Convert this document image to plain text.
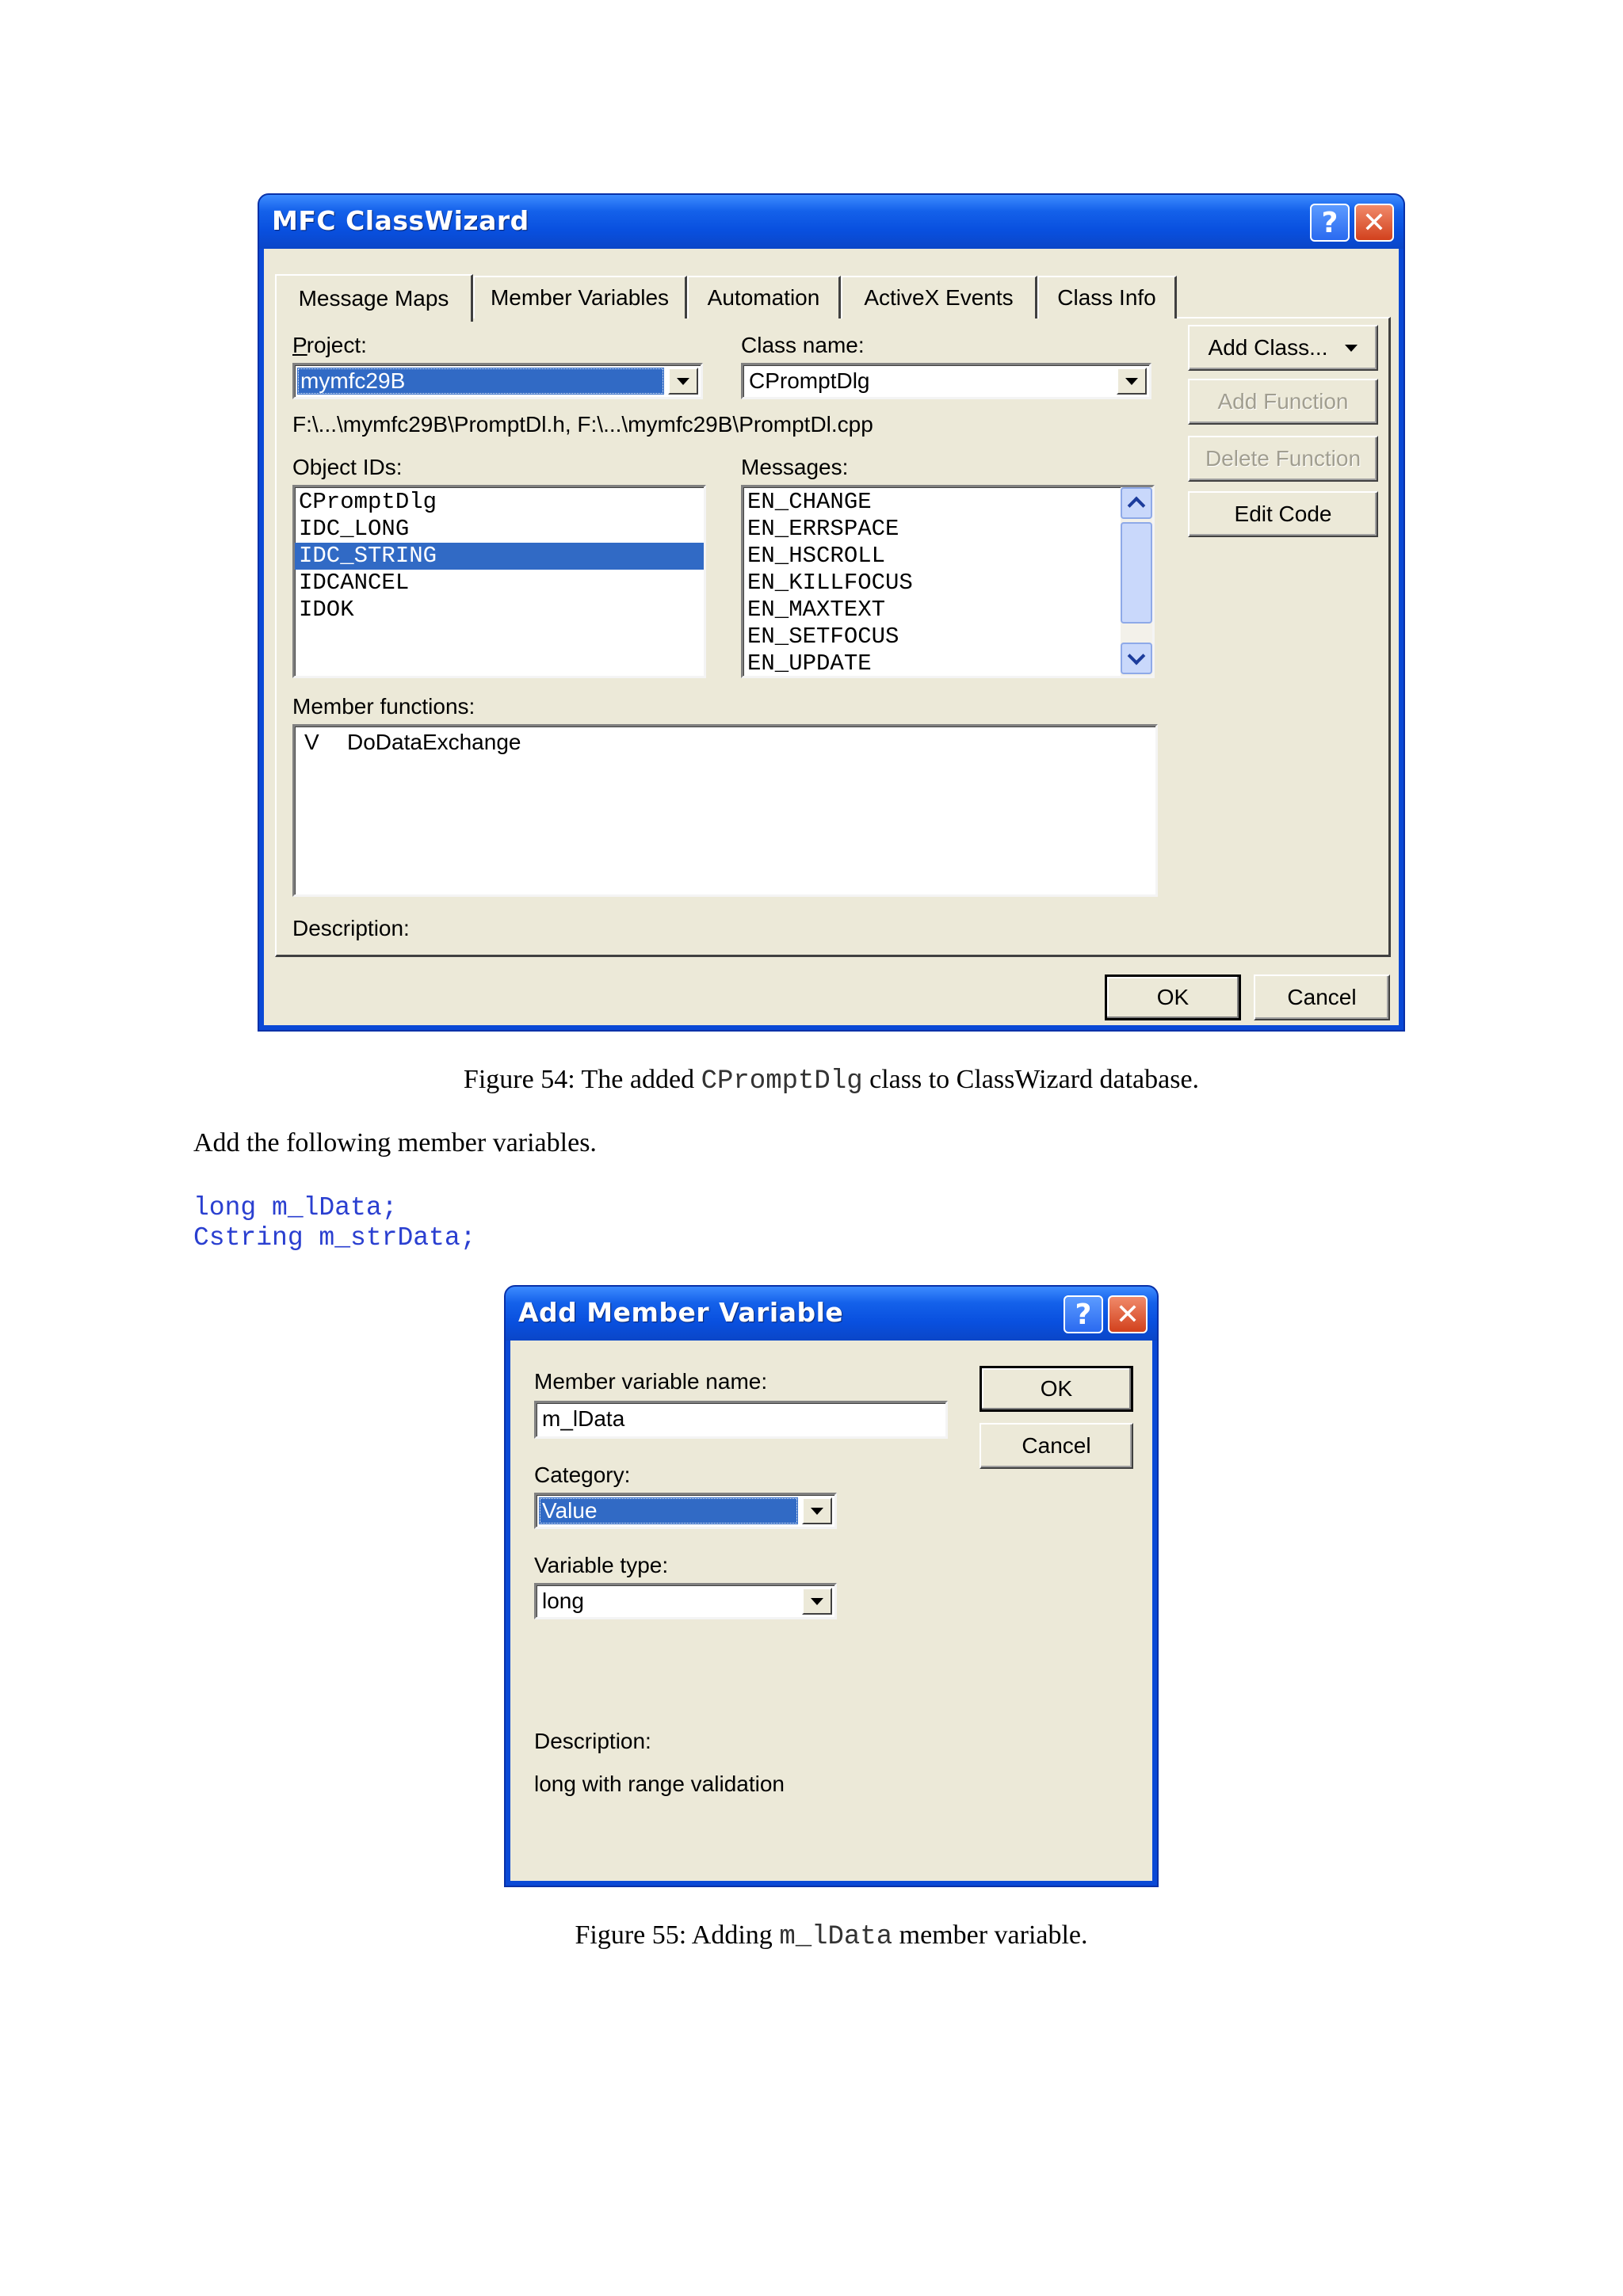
MFC ClassWizard	? ✕
Message Maps	Member Variables	Automation	ActiveX Events	Class Info
Project:
mymfc29B
Class name:
CPromptDlg
F:\...\mymfc29B\PromptDl.h, F:\...\mymfc29B\PromptDl.cpp
Object IDs:
CPromptDlg
IDC_LONG
IDC_STRING
IDCANCEL
IDOK
Messages:
EN_CHANGE
EN_ERRSPACE
EN_HSCROLL
EN_KILLFOCUS
EN_MAXTEXT
EN_SETFOCUS
EN_UPDATE
Member functions:
V DoDataExchange
Description:
Add Class...
Add Function
Delete Function
Edit Code
OK	Cancel
Figure 54: The added CPromptDlg class to ClassWizard database.
Add the following member variables.
long m_lData;
Cstring m_strData;
Add Member Variable	? ✕
Member variable name:
m_lData
Category:
Value
Variable type:
long
Description:
long with range validation
OK
Cancel
Figure 55: Adding m_lData member variable.
